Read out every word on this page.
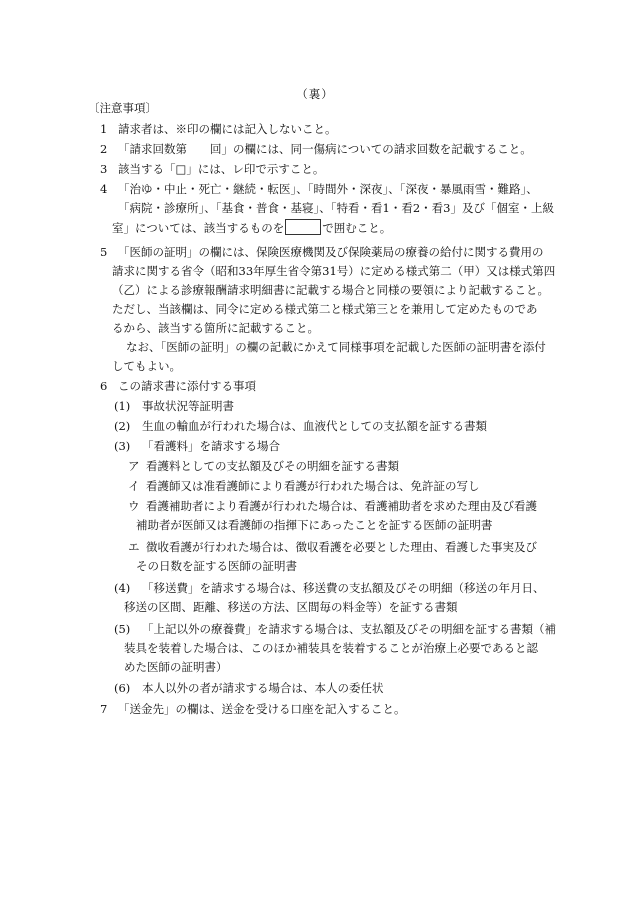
（裏）
〔注意事項〕
1 請求者は、※印の欄には記入しないこと。
2 「請求回数第　　回」の欄には、同一傷病についての請求回数を記載すること。
3 該当する「□」には、レ印で示すこと。
4 「治ゆ・中止・死亡・継続・転医」、「時間外・深夜」、「深夜・暴風雨雪・難路」、
「病院・診療所」、「基食・普食・基寝」、「特看・看1・看2・看3」及び「個室・上級
室」については、該当するものを	で囲むこと。
5 「医師の証明」の欄には、保険医療機関及び保険薬局の療養の給付に関する費用の
請求に関する省令（昭和33年厚生省令第31号）に定める様式第二（甲）又は様式第四
（乙）による診療報酬請求明細書に記載する場合と同様の要領により記載すること。
ただし、当該欄は、同令に定める様式第二と様式第三とを兼用して定めたものであ
るから、該当する箇所に記載すること。
なお、「医師の証明」の欄の記載にかえて同様事項を記載した医師の証明書を添付
してもよい。
6 この請求書に添付する事項
(1) 事故状況等証明書
(2) 生血の輸血が行われた場合は、血液代としての支払額を証する書類
(3) 「看護料」を請求する場合
ア 看護料としての支払額及びその明細を証する書類
イ 看護師又は准看護師により看護が行われた場合は、免許証の写し
ウ 看護補助者により看護が行われた場合は、看護補助者を求めた理由及び看護
補助者が医師又は看護師の指揮下にあったことを証する医師の証明書
エ 徴收看護が行われた場合は、徴収看護を必要とした理由、看護した事実及び
その日数を証する医師の証明書
(4) 「移送費」を請求する場合は、移送費の支払額及びその明細（移送の年月日、
移送の区間、距離、移送の方法、区間毎の料金等）を証する書類
(5) 「上記以外の療養費」を請求する場合は、支払額及びその明細を証する書類（補
装具を装着した場合は、このほか補装具を装着することが治療上必要であると認
めた医師の証明書）
(6) 本人以外の者が請求する場合は、本人の委任状
7 「送金先」の欄は、送金を受ける口座を記入すること。
